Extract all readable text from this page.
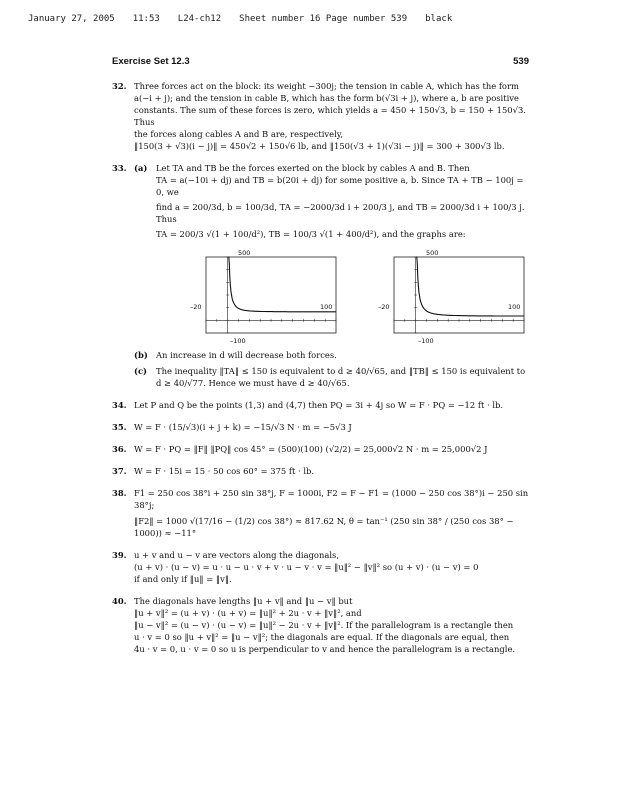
January 27, 2005 11:53 L24-ch12 Sheet number 16 Page number 539 black
Exercise Set 12.3	539
32. Three forces act on the block: its weight −300j; the tension in cable A, which has the form
a(−i + j); and the tension in cable B, which has the form b(√3i + j), where a, b are positive
constants. The sum of these forces is zero, which yields a = 450 + 150√3, b = 150 + 150√3. Thus
the forces along cables A and B are, respectively,
‖150(3 + √3)(i − j)‖ = 450√2 + 150√6 lb, and ‖150(√3 + 1)(√3i − j)‖ = 300 + 300√3 lb.
33. (a)	Let TA and TB be the forces exerted on the block by cables A and B. Then
TA = a(−10i + dj) and TB = b(20i + dj) for some positive a, b. Since TA + TB − 100j = 0, we
find a = 200/3d, b = 100/3d, TA = −2000/3d i + 200/3 j, and TB = 2000/3d i + 100/3 j. Thus
TA = 200/3 √(1 + 100/d²), TB = 100/3 √(1 + 400/d²), and the graphs are:
500
–20	100
–100
500
–20	100
–100
(b) An increase in d will decrease both forces.
(c)	The inequality ‖TA‖ ≤ 150 is equivalent to d ≥ 40/√65, and ‖TB‖ ≤ 150 is equivalent to
d ≥ 40/√77. Hence we must have d ≥ 40/√65.
34. Let P and Q be the points (1,3) and (4,7) then PQ = 3i + 4j so W = F · PQ = −12 ft · lb.
35. W = F · (15/√3)(i + j + k) = −15/√3 N · m = −5√3 J
36. W = F · PQ = ‖F‖ ‖PQ‖ cos 45° = (500)(100) (√2/2) = 25,000√2 N · m = 25,000√2 J
37. W = F · 15i = 15 · 50 cos 60° = 375 ft · lb.
38. F1 = 250 cos 38°i + 250 sin 38°j, F = 1000i, F2 = F − F1 = (1000 − 250 cos 38°)i − 250 sin 38°j;
‖F2‖ = 1000 √(17/16 − (1/2) cos 38°) ≈ 817.62 N, θ = tan⁻¹ (250 sin 38° / (250 cos 38° − 1000)) ≈ −11°
39. u + v and u − v are vectors along the diagonals,
(u + v) · (u − v) = u · u − u · v + v · u − v · v = ‖u‖² − ‖v‖² so (u + v) · (u − v) = 0
if and only if ‖u‖ = ‖v‖.
40. The diagonals have lengths ‖u + v‖ and ‖u − v‖ but
‖u + v‖² = (u + v) · (u + v) = ‖u‖² + 2u · v + ‖v‖², and
‖u − v‖² = (u − v) · (u − v) = ‖u‖² − 2u · v + ‖v‖². If the parallelogram is a rectangle then
u · v = 0 so ‖u + v‖² = ‖u − v‖²; the diagonals are equal. If the diagonals are equal, then
4u · v = 0, u · v = 0 so u is perpendicular to v and hence the parallelogram is a rectangle.
